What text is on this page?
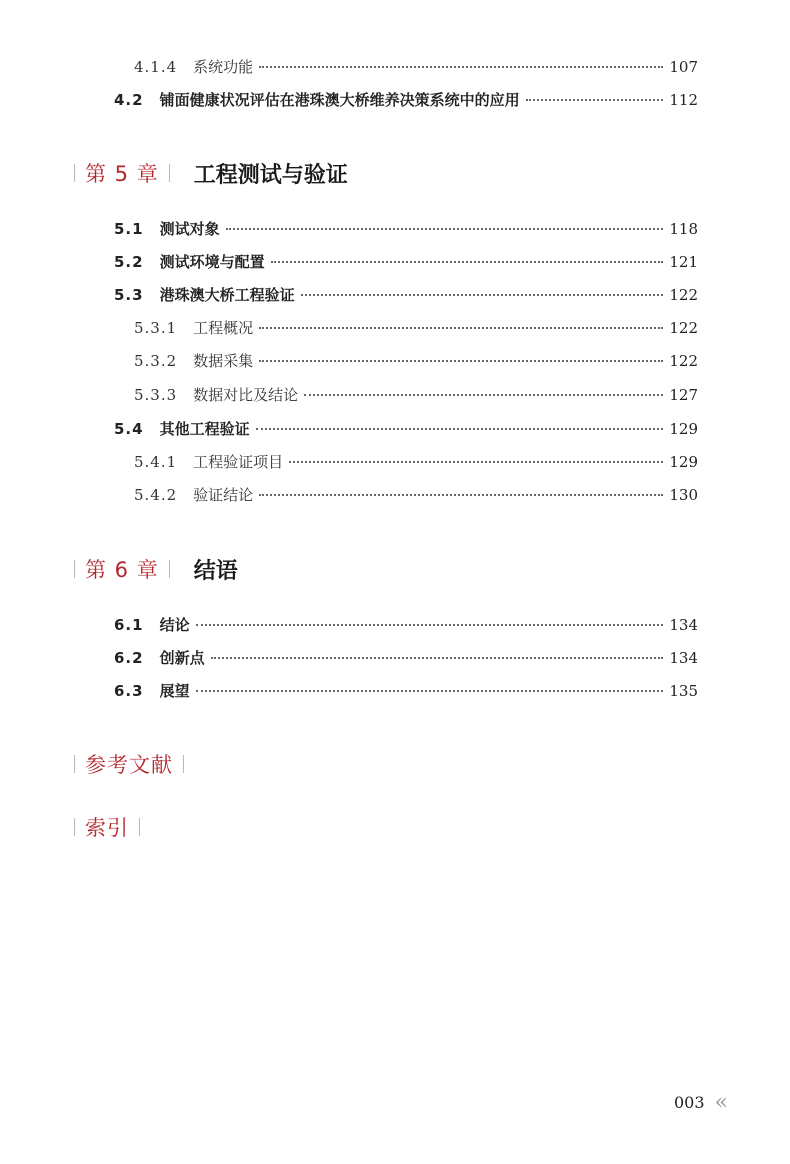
4.1.4 系统功能	107
4.2 铺面健康状况评估在港珠澳大桥维养决策系统中的应用	112
第 5 章 工程测试与验证
5.1 测试对象	118
5.2 测试环境与配置	121
5.3 港珠澳大桥工程验证	122
5.3.1 工程概况	122
5.3.2 数据采集	122
5.3.3 数据对比及结论	127
5.4 其他工程验证	129
5.4.1 工程验证项目	129
5.4.2 验证结论	130
第 6 章 结语
6.1 结论	134
6.2 创新点	134
6.3 展望	135
参考文献
索引
003 «
